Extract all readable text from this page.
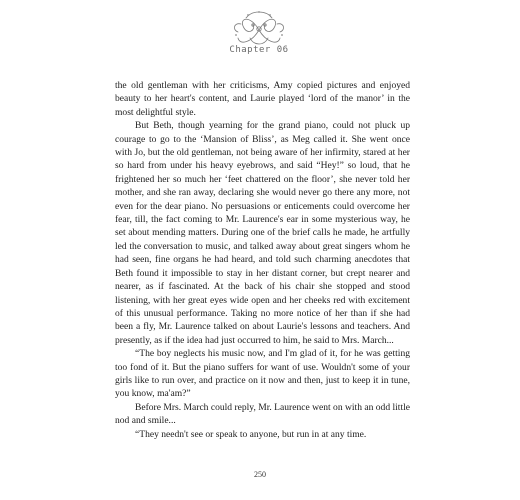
Chapter 06

the old gentleman with her criticisms, Amy copied pictures and enjoyed beauty to her heart's content, and Laurie played ‘lord of the manor’ in the most delightful style.

But Beth, though yearning for the grand piano, could not pluck up courage to go to the ‘Mansion of Bliss’, as Meg called it. She went once with Jo, but the old gentleman, not being aware of her infirmity, stared at her so hard from under his heavy eyebrows, and said “Hey!” so loud, that he frightened her so much her ‘feet chattered on the floor’, she never told her mother, and she ran away, declaring she would never go there any more, not even for the dear piano. No persuasions or enticements could overcome her fear, till, the fact coming to Mr. Laurence's ear in some mysterious way, he set about mending matters. During one of the brief calls he made, he artfully led the conversation to music, and talked away about great singers whom he had seen, fine organs he had heard, and told such charming anecdotes that Beth found it impossible to stay in her distant corner, but crept nearer and nearer, as if fascinated. At the back of his chair she stopped and stood listening, with her great eyes wide open and her cheeks red with excitement of this unusual performance. Taking no more notice of her than if she had been a fly, Mr. Laurence talked on about Laurie's lessons and teachers. And presently, as if the idea had just occurred to him, he said to Mrs. March...

“The boy neglects his music now, and I'm glad of it, for he was getting too fond of it. But the piano suffers for want of use. Wouldn't some of your girls like to run over, and practice on it now and then, just to keep it in tune, you know, ma'am?”

Before Mrs. March could reply, Mr. Laurence went on with an odd little nod and smile...

“They needn't see or speak to anyone, but run in at any time.

250
